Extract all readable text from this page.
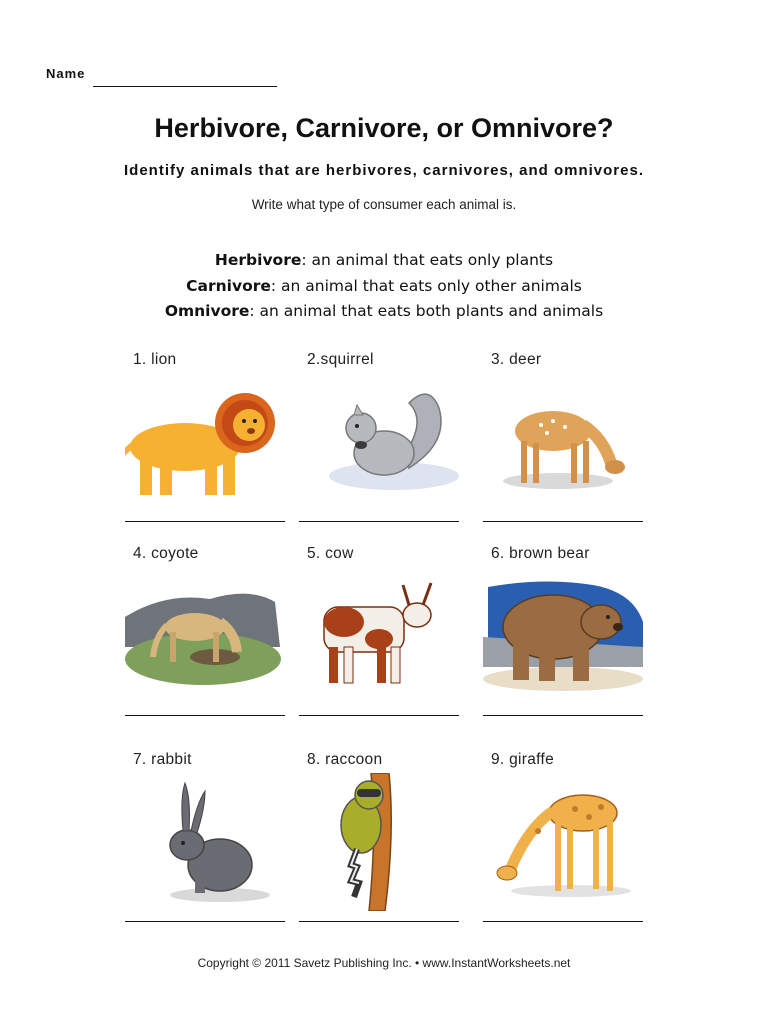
Name
Herbivore, Carnivore, or Omnivore?
Identify animals that are herbivores, carnivores, and omnivores.
Write what type of consumer each animal is.
Herbivore: an animal that eats only plants
Carnivore: an animal that eats only other animals
Omnivore: an animal that eats both plants and animals
1. lion	2.squirrel	3. deer
4. coyote	5. cow	6. brown bear
7. rabbit	8. raccoon	9. giraffe
Copyright © 2011 Savetz Publishing Inc. • www.InstantWorksheets.net
